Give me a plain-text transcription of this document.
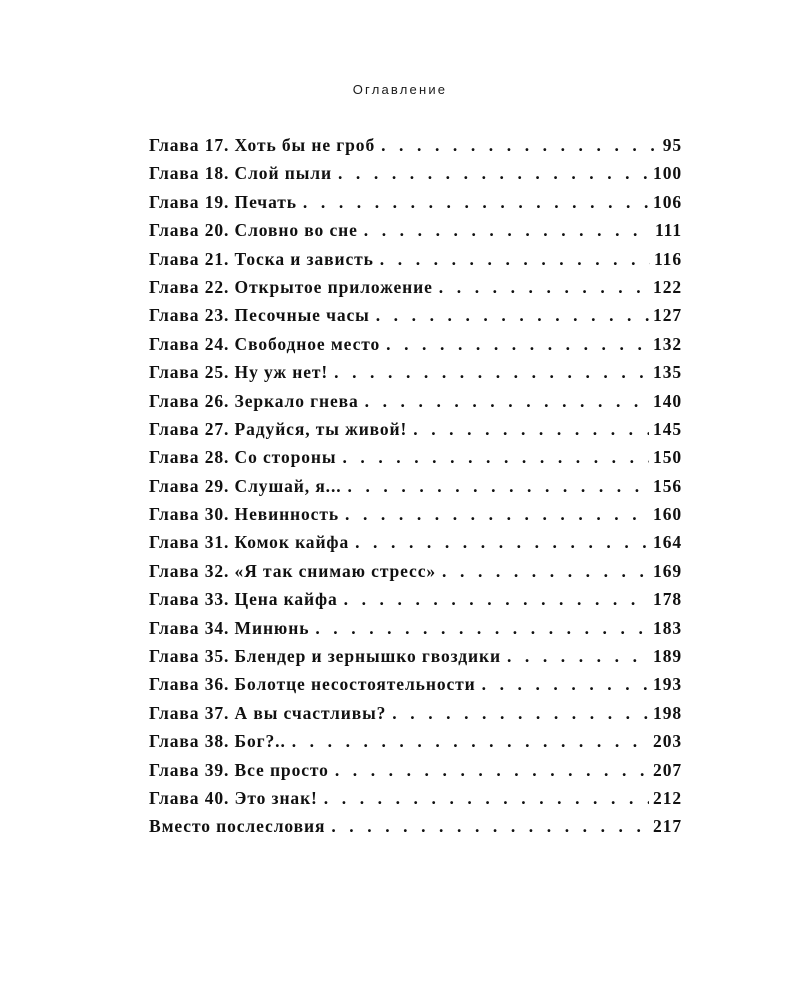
Оглавление
Глава 17. Хоть бы не гроб . . .	95
Глава 18. Слой пыли . . .	100
Глава 19. Печать . . .	106
Глава 20. Словно во сне . . .	111
Глава 21. Тоска и зависть . . .	116
Глава 22. Открытое приложение . . .	122
Глава 23. Песочные часы . . .	127
Глава 24. Свободное место . . .	132
Глава 25. Ну уж нет! . . .	135
Глава 26. Зеркало гнева . . .	140
Глава 27. Радуйся, ты живой! . . .	145
Глава 28. Со стороны . . .	150
Глава 29. Слушай, я... . . .	156
Глава 30. Невинность . . .	160
Глава 31. Комок кайфа . . .	164
Глава 32. «Я так снимаю стресс» . . .	169
Глава 33. Цена кайфа . . .	178
Глава 34. Минюнь . . .	183
Глава 35. Блендер и зернышко гвоздики . . .	189
Глава 36. Болотце несостоятельности . . .	193
Глава 37. А вы счастливы? . . .	198
Глава 38. Бог?.. . . .	203
Глава 39. Все просто . . .	207
Глава 40. Это знак! . . .	212
Вместо послесловия . . .	217
